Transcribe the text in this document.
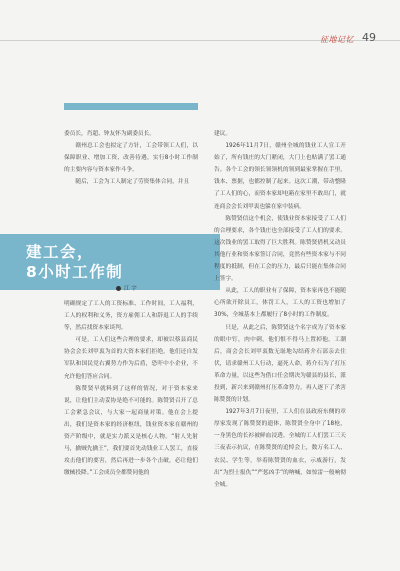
征地记忆 49

委员长，肖超、钟友怀为副委员长。

赣州总工会也拟定了方针，工会带领工人们，以保障职业、增加工资、改善待遇，实行8小时工作制的主要内容与资本家作斗争。

随后，工会为工人制定了劳资集体合同，并且

建工会，
8小时工作制
江 宇

明确规定了工人的工资标准、工作时间，工人福利，工人的权利和义务，资方雇佣工人和辞退工人的手续等，然后找资本家谈判。

可是，工人们这些合理的要求，却被以蔡县商民协会会长刘甲衷为首的大资本家们拒绝，他们还自发军队和国民党右翼势力作为后盾，恐吓中小企业，不允许他们答应合同。

陈赞贤早就料到了这样的情况，对于资本家来说，让他们主动妥协是绝不可能的。陈赞贤召开了总工会紧急会议，与大家一起商量对策。他在会上提出，我们是资本家的经济枢纽，钱业资本家在赣州的资产阶级中，就是实力派又是核心人物。“射人先射马，擒贼先擒王”，我们要首先动钱业工人罢工，直接攻击他们的要害，然后再进一步各个击破，必让他们缴械投降。”工会成员全都赞同他的

建议。

1926年11月7日，赣州全城的钱业工人宣工开始了，所有钱庄的大门紧闭，大门上也贴满了罢工通告。各个工会的领长领领机的领到最家掌握在手里，钱本、票据，也都控制了起来。这次工潮，带动整隆了工人们的心，而资本家却电箱在家里不敢出门，就连商会会长刘甲衷也躲在家中装病。

陈赞贤信这个机会，使钱业资本家接受了工人们的合理要求，各个钱庄也全部接受了工人们的要求。这次钱业的罢工取得了巨大胜利。陈赞贤借机又动员其他行业和资本家签订合同，竟然有些资本家与不同程度的抵制，但在工会的压力，最后只能在集体合同上签字。

从此，工人的职业有了保障，资本家再也不能随心所欲开除员工，体罚工人，工人的工资也增加了30%，全城基本上都履行了8小时的工作制度。

只是，从此之后，陈赞贤这个名字成为了资本家的眼中钉，肉中刺，他们恨不得马上置掉他。工潮后，商会会长刘甲衷数无耻地勾结蒋介石部亲去住伏，请求赣州工人行动，逼死人命，蒋介石为了打压革命力量，以这些为借口任会期决为赣县的县长，派投到，新兴来到赣州打压革命势力，再人逐下了杀害陈赞贤的计划。

1927年3月7日夜里，工人们在县政府东侧的章厚家发现了陈赞贤的遗体，陈赞贤全身中了18枪，一身黑色的长衫被鲜血浸透。全城的工人们罢工三天三夜表示抗议，在陈赞贤的追悼会上，数万名工人、农民、学生等，举着陈赞贤的血衣，示威游行，发出“为烈士报仇”“严惩凶手”的呐喊，如惊雷一般响彻全城。
